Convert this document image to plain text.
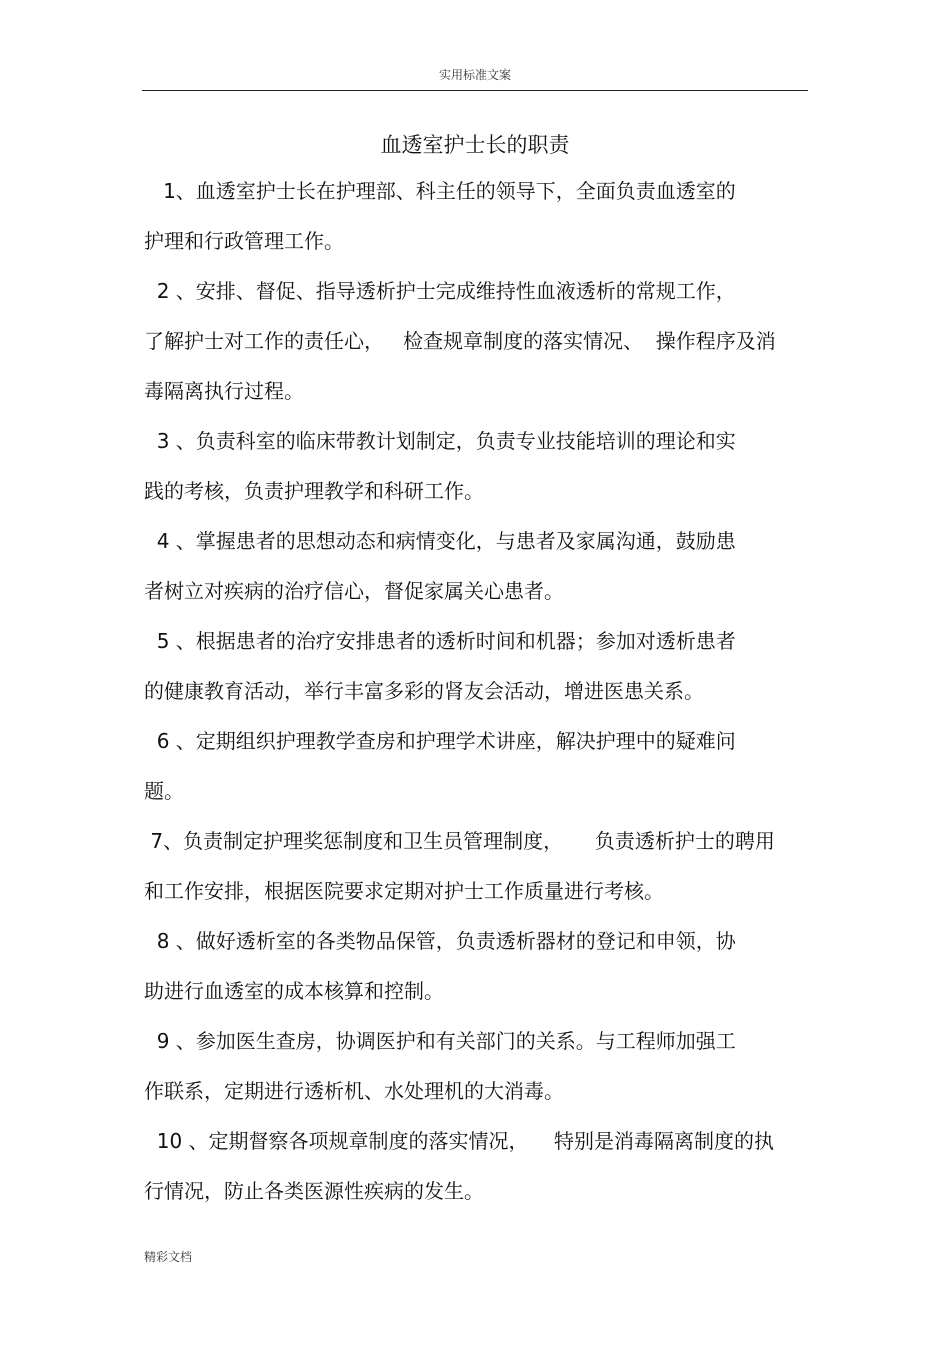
实用标准文案
血透室护士长的职责
1、血透室护士长在护理部、科主任的领导下，全面负责血透室的
护理和行政管理工作。
2 、安排、督促、指导透析护士完成维持性血液透析的常规工作，
了解护士对工作的责任心，   检查规章制度的落实情况、  操作程序及消
毒隔离执行过程。
3 、负责科室的临床带教计划制定，负责专业技能培训的理论和实
践的考核，负责护理教学和科研工作。
4 、掌握患者的思想动态和病情变化，与患者及家属沟通，鼓励患
者树立对疾病的治疗信心，督促家属关心患者。
5 、根据患者的治疗安排患者的透析时间和机器；参加对透析患者
的健康教育活动，举行丰富多彩的肾友会活动，增进医患关系。
6 、定期组织护理教学查房和护理学术讲座，解决护理中的疑难问
题。
7、负责制定护理奖惩制度和卫生员管理制度，     负责透析护士的聘用
和工作安排，根据医院要求定期对护士工作质量进行考核。
8 、做好透析室的各类物品保管，负责透析器材的登记和申领，协
助进行血透室的成本核算和控制。
9 、参加医生查房，协调医护和有关部门的关系。与工程师加强工
作联系，定期进行透析机、水处理机的大消毒。
10 、定期督察各项规章制度的落实情况，    特别是消毒隔离制度的执
行情况，防止各类医源性疾病的发生。
精彩文档
